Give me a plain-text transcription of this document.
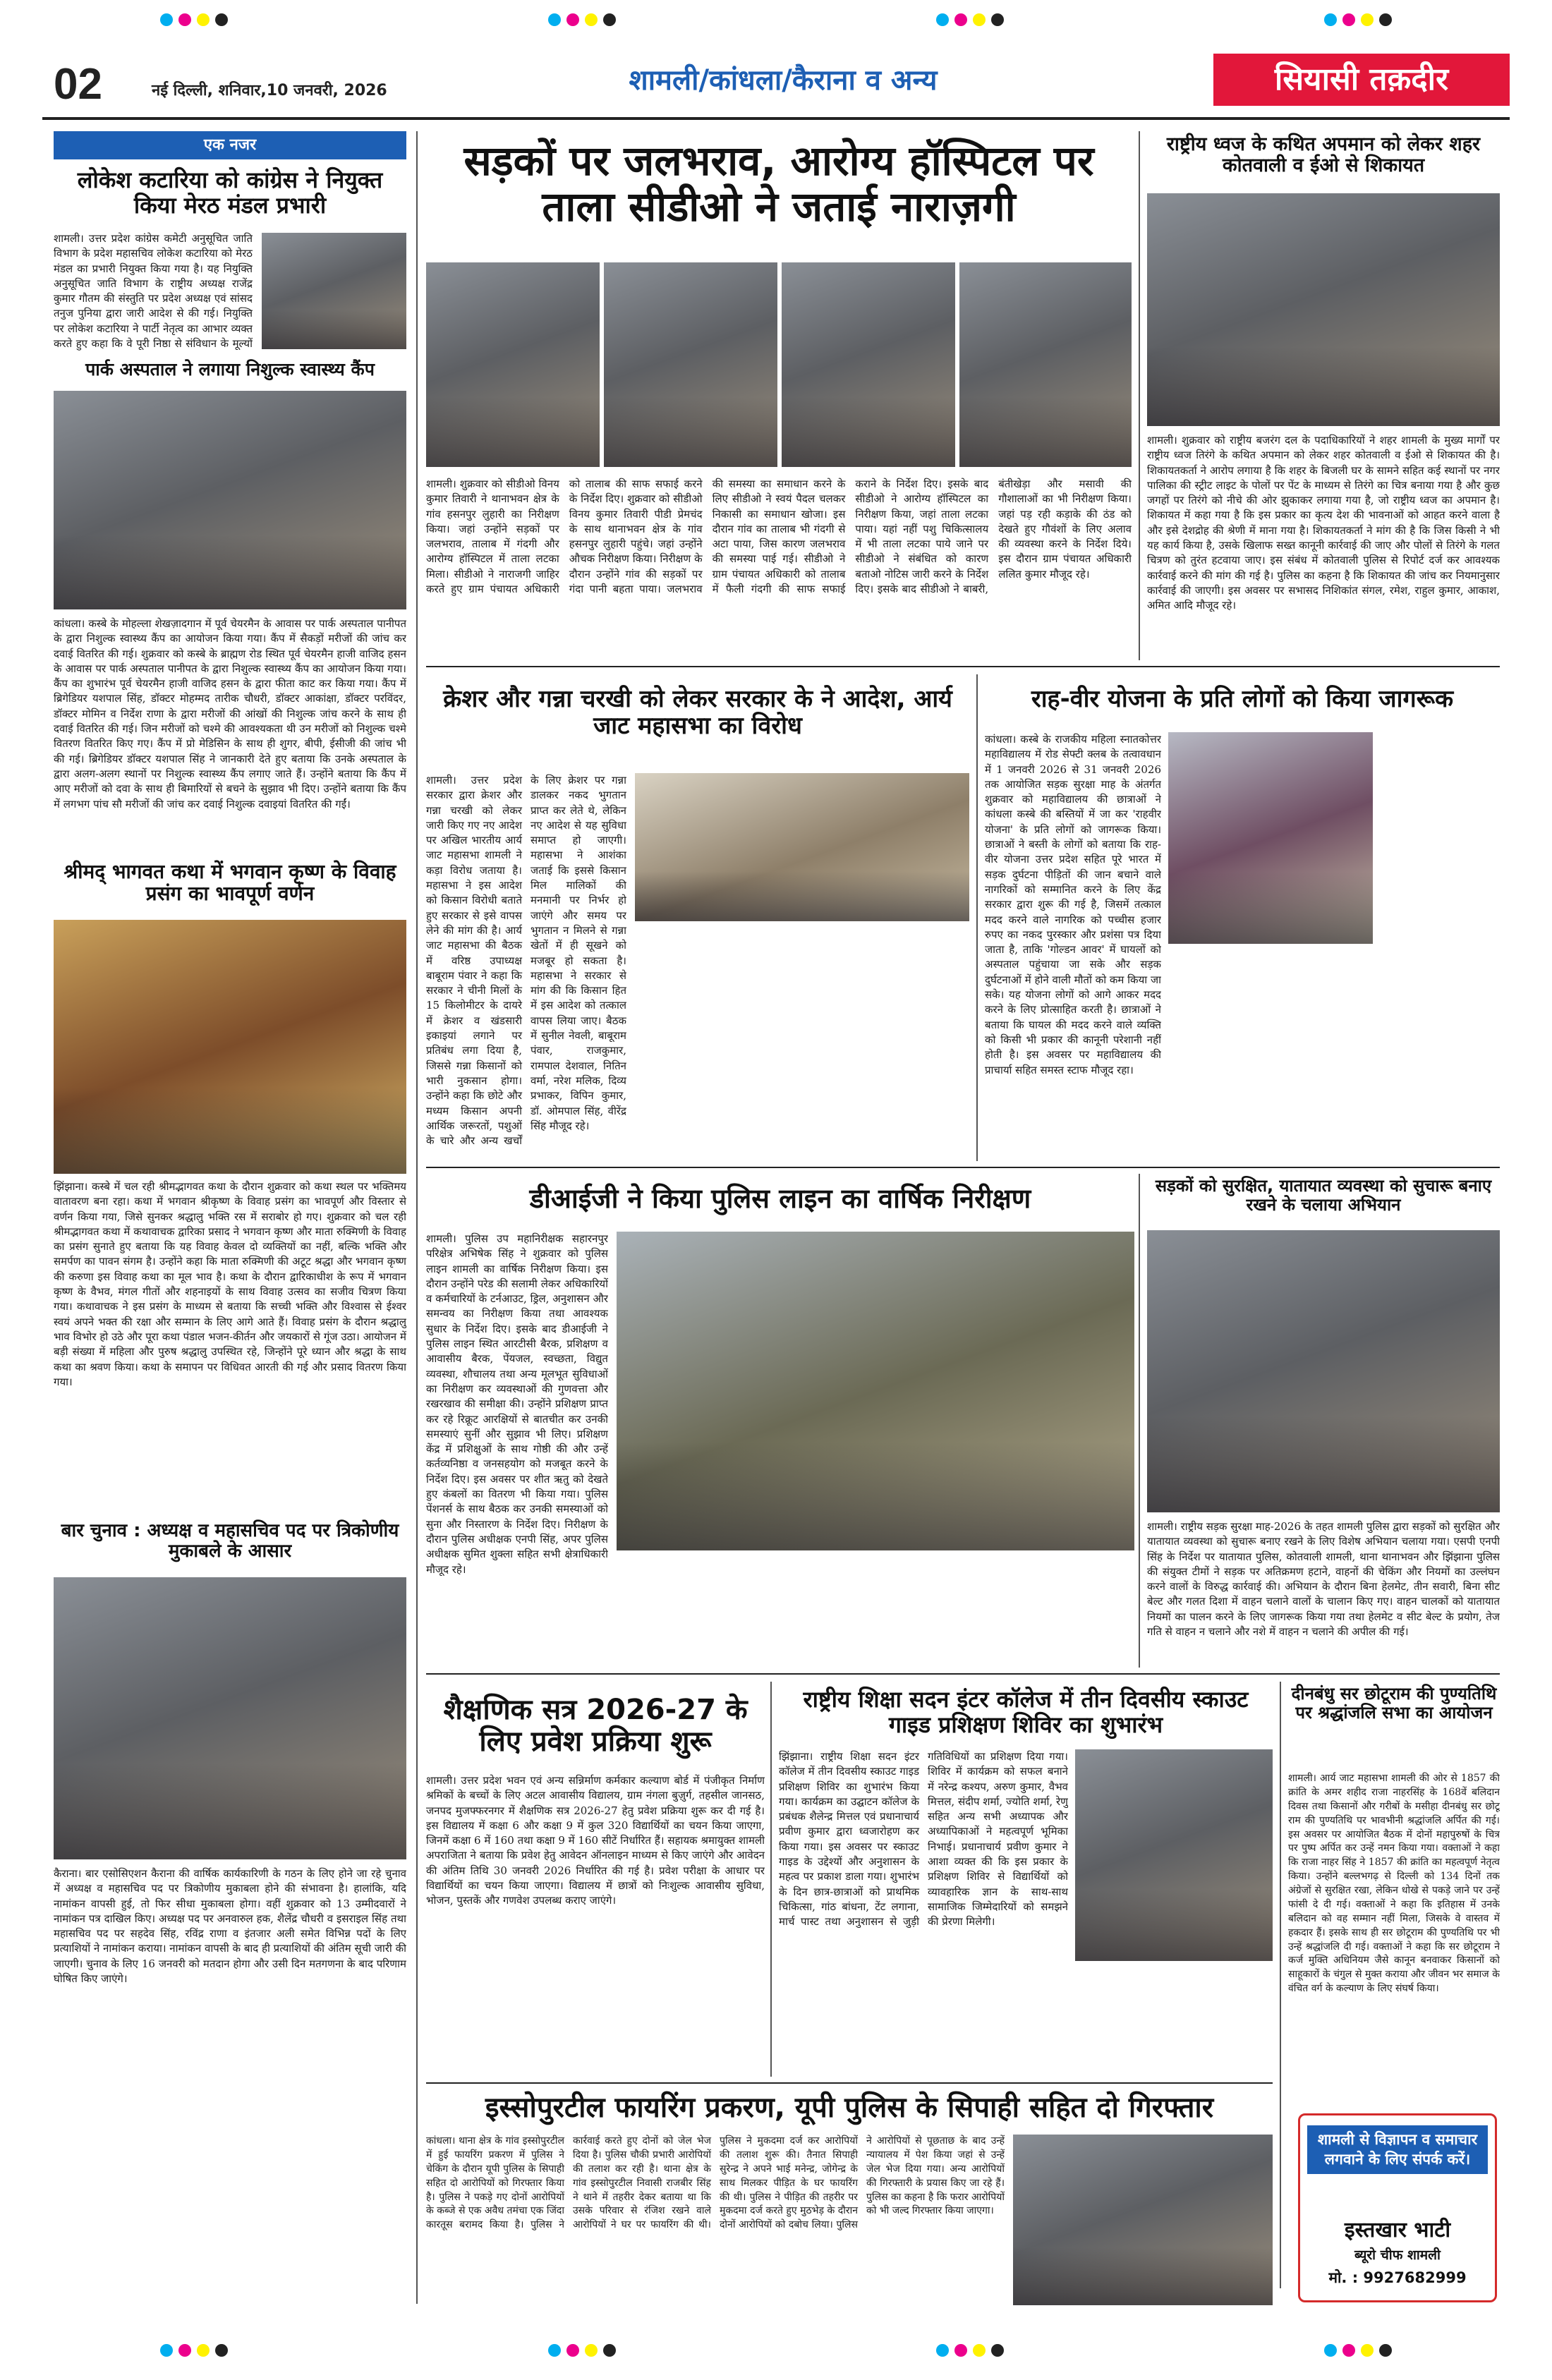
02	नई दिल्ली, शनिवार,10 जनवरी, 2026	शामली/कांधला/कैराना व अन्य	सियासी तक़दीर
एक नजर
लोकेश कटारिया को कांग्रेस ने नियुक्त किया मेरठ मंडल प्रभारी
शामली। उत्तर प्रदेश कांग्रेस कमेटी अनुसूचित जाति विभाग के प्रदेश महासचिव लोकेश कटारिया को मेरठ मंडल का प्रभारी नियुक्त किया गया है। यह नियुक्ति अनुसूचित जाति विभाग के राष्ट्रीय अध्यक्ष राजेंद्र कुमार गौतम की संस्तुति पर प्रदेश अध्यक्ष एवं सांसद तनुज पुनिया द्वारा जारी आदेश से की गई। नियुक्ति पर लोकेश कटारिया ने पार्टी नेतृत्व का आभार व्यक्त करते हुए कहा कि वे पूरी निष्ठा से संविधान के मूल्यों
पार्क अस्पताल ने लगाया निशुल्क स्वास्थ्य कैंप
कांधला। कस्बे के मोहल्ला शेखज़ादगान में पूर्व चेयरमैन के आवास पर पार्क अस्पताल पानीपत के द्वारा निशुल्क स्वास्थ्य कैंप का आयोजन किया गया। कैंप में सैकड़ों मरीजों की जांच कर दवाई वितरित की गई। शुक्रवार को कस्बे के ब्राह्मण रोड स्थित पूर्व चेयरमैन हाजी वाजिद हसन के आवास पर पार्क अस्पताल पानीपत के द्वारा निशुल्क स्वास्थ्य कैंप का आयोजन किया गया। कैंप का शुभारंभ पूर्व चेयरमैन हाजी वाजिद हसन के द्वारा फीता काट कर किया गया। कैंप में ब्रिगेडियर यशपाल सिंह, डॉक्टर मोहम्मद तारीक चौधरी, डॉक्टर आकांक्षा, डॉक्टर परविंदर, डॉक्टर मोमिन व निर्देश राणा के द्वारा मरीजों की आंखों की निशुल्क जांच करने के साथ ही दवाई वितरित की गई। जिन मरीजों को चश्मे की आवश्यकता थी उन मरीजों को निशुल्क चश्मे वितरण वितरित किए गए। कैंप में प्रो मेडिसिन के साथ ही शुगर, बीपी, ईसीजी की जांच भी की गई। ब्रिगेडियर डॉक्टर यशपाल सिंह ने जानकारी देते हुए बताया कि उनके अस्पताल के द्वारा अलग-अलग स्थानों पर निशुल्क स्वास्थ्य कैंप लगाए जाते हैं। उन्होंने बताया कि कैंप में आए मरीजों को दवा के साथ ही बिमारियों से बचने के सुझाव भी दिए। उन्होंने बताया कि कैंप में लगभग पांच सौ मरीजों की जांच कर दवाई निशुल्क दवाइयां वितरित की गईं।
श्रीमद् भागवत कथा में भगवान कृष्ण के विवाह प्रसंग का भावपूर्ण वर्णन
झिंझाना। कस्बे में चल रही श्रीमद्भागवत कथा के दौरान शुक्रवार को कथा स्थल पर भक्तिमय वातावरण बना रहा। कथा में भगवान श्रीकृष्ण के विवाह प्रसंग का भावपूर्ण और विस्तार से वर्णन किया गया, जिसे सुनकर श्रद्धालु भक्ति रस में सराबोर हो गए। शुक्रवार को चल रही श्रीमद्भागवत कथा में कथावाचक द्वारिका प्रसाद ने भगवान कृष्ण और माता रुक्मिणी के विवाह का प्रसंग सुनाते हुए बताया कि यह विवाह केवल दो व्यक्तियों का नहीं, बल्कि भक्ति और समर्पण का पावन संगम है। उन्होंने कहा कि माता रुक्मिणी की अटूट श्रद्धा और भगवान कृष्ण की करुणा इस विवाह कथा का मूल भाव है। कथा के दौरान द्वारिकाधीश के रूप में भगवान कृष्ण के वैभव, मंगल गीतों और शहनाइयों के साथ विवाह उत्सव का सजीव चित्रण किया गया। कथावाचक ने इस प्रसंग के माध्यम से बताया कि सच्ची भक्ति और विश्वास से ईश्वर स्वयं अपने भक्त की रक्षा और सम्मान के लिए आगे आते हैं। विवाह प्रसंग के दौरान श्रद्धालु भाव विभोर हो उठे और पूरा कथा पंडाल भजन-कीर्तन और जयकारों से गूंज उठा। आयोजन में बड़ी संख्या में महिला और पुरुष श्रद्धालु उपस्थित रहे, जिन्होंने पूरे ध्यान और श्रद्धा के साथ कथा का श्रवण किया। कथा के समापन पर विधिवत आरती की गई और प्रसाद वितरण किया गया।
बार चुनाव : अध्यक्ष व महासचिव पद पर त्रिकोणीय मुकाबले के आसार
कैराना। बार एसोसिएशन कैराना की वार्षिक कार्यकारिणी के गठन के लिए होने जा रहे चुनाव में अध्यक्ष व महासचिव पद पर त्रिकोणीय मुकाबला होने की संभावना है। हालांकि, यदि नामांकन वापसी हुई, तो फिर सीधा मुकाबला होगा। वहीं शुक्रवार को 13 उम्मीदवारों ने नामांकन पत्र दाखिल किए। अध्यक्ष पद पर अनवारुल हक, शैलेंद्र चौधरी व इसराइल सिंह तथा महासचिव पद पर सहदेव सिंह, रविंद्र राणा व इंतजार अली समेत विभिन्न पदों के लिए प्रत्याशियों ने नामांकन कराया। नामांकन वापसी के बाद ही प्रत्याशियों की अंतिम सूची जारी की जाएगी। चुनाव के लिए 16 जनवरी को मतदान होगा और उसी दिन मतगणना के बाद परिणाम घोषित किए जाएंगे।
सड़कों पर जलभराव, आरोग्य हॉस्पिटल पर ताला सीडीओ ने जताई नाराज़गी
शामली। शुक्रवार को सीडीओ विनय कुमार तिवारी ने थानाभवन क्षेत्र के गांव हसनपुर लुहारी का निरीक्षण किया। जहां उन्होंने सड़कों पर जलभराव, तालाब में गंदगी और आरोग्य हॉस्पिटल में ताला लटका मिला। सीडीओ ने नाराजगी जाहिर करते हुए ग्राम पंचायत अधिकारी को तालाब की साफ सफाई करने के निर्देश दिए। शुक्रवार को सीडीओ विनय कुमार तिवारी पीडी प्रेमचंद के साथ थानाभवन क्षेत्र के गांव हसनपुर लुहारी पहुंचे। जहां उन्होंने औचक निरीक्षण किया। निरीक्षण के दौरान उन्होंने गांव की सड़कों पर गंदा पानी बहता पाया। जलभराव की समस्या का समाधान करने के लिए सीडीओ ने स्वयं पैदल चलकर निकासी का समाधान खोजा। इस दौरान गांव का तालाब भी गंदगी से अटा पाया, जिस कारण जलभराव की समस्या पाई गई। सीडीओ ने ग्राम पंचायत अधिकारी को तालाब में फैली गंदगी की साफ सफाई कराने के निर्देश दिए। इसके बाद सीडीओ ने आरोग्य हॉस्पिटल का निरीक्षण किया, जहां ताला लटका पाया। यहां नहीं पशु चिकित्सालय में भी ताला लटका पाये जाने पर सीडीओ ने संबंधित को कारण बताओ नोटिस जारी करने के निर्देश दिए। इसके बाद सीडीओ ने बाबरी, बंतीखेड़ा और मसावी की गौशालाओं का भी निरीक्षण किया। जहां पड़ रही कड़ाके की ठंड को देखते हुए गौवंशों के लिए अलाव की व्यवस्था करने के निर्देश दिये। इस दौरान ग्राम पंचायत अधिकारी ललित कुमार मौजूद रहे।
राष्ट्रीय ध्वज के कथित अपमान को लेकर शहर कोतवाली व ईओ से शिकायत
शामली। शुक्रवार को राष्ट्रीय बजरंग दल के पदाधिकारियों ने शहर शामली के मुख्य मार्गों पर राष्ट्रीय ध्वज तिरंगे के कथित अपमान को लेकर शहर कोतवाली व ईओ से शिकायत की है। शिकायतकर्ता ने आरोप लगाया है कि शहर के बिजली घर के सामने सहित कई स्थानों पर नगर पालिका की स्ट्रीट लाइट के पोलों पर पेंट के माध्यम से तिरंगे का चित्र बनाया गया है और कुछ जगहों पर तिरंगे को नीचे की ओर झुकाकर लगाया गया है, जो राष्ट्रीय ध्वज का अपमान है। शिकायत में कहा गया है कि इस प्रकार का कृत्य देश की भावनाओं को आहत करने वाला है और इसे देशद्रोह की श्रेणी में माना गया है। शिकायतकर्ता ने मांग की है कि जिस किसी ने भी यह कार्य किया है, उसके खिलाफ सख्त कानूनी कार्रवाई की जाए और पोलों से तिरंगे के गलत चित्रण को तुरंत हटवाया जाए। इस संबंध में कोतवाली पुलिस से रिपोर्ट दर्ज कर आवश्यक कार्रवाई करने की मांग की गई है। पुलिस का कहना है कि शिकायत की जांच कर नियमानुसार कार्रवाई की जाएगी। इस अवसर पर सभासद निशिकांत संगल, रमेश, राहुल कुमार, आकाश, अमित आदि मौजूद रहे।
क्रेशर और गन्ना चरखी को लेकर सरकार के ने आदेश, आर्य जाट महासभा का विरोध
शामली। उत्तर प्रदेश सरकार द्वारा क्रेशर और गन्ना चरखी को लेकर जारी किए गए नए आदेश पर अखिल भारतीय आर्य जाट महासभा शामली ने कड़ा विरोध जताया है। महासभा ने इस आदेश को किसान विरोधी बताते हुए सरकार से इसे वापस लेने की मांग की है। आर्य जाट महासभा की बैठक में वरिष्ठ उपाध्यक्ष बाबूराम पंवार ने कहा कि सरकार ने चीनी मिलों के 15 किलोमीटर के दायरे में क्रेशर व खंडसारी इकाइयां लगाने पर प्रतिबंध लगा दिया है, जिससे गन्ना किसानों को भारी नुकसान होगा। उन्होंने कहा कि छोटे और मध्यम किसान अपनी आर्थिक जरूरतों, पशुओं के चारे और अन्य खर्चों के लिए क्रेशर पर गन्ना डालकर नकद भुगतान प्राप्त कर लेते थे, लेकिन नए आदेश से यह सुविधा समाप्त हो जाएगी। महासभा ने आशंका जताई कि इससे किसान मिल मालिकों की मनमानी पर निर्भर हो जाएंगे और समय पर भुगतान न मिलने से गन्ना खेतों में ही सूखने को मजबूर हो सकता है। महासभा ने सरकार से मांग की कि किसान हित में इस आदेश को तत्काल वापस लिया जाए। बैठक में सुनील नेवली, बाबूराम पंवार, राजकुमार, रामपाल देशवाल, नितिन वर्मा, नरेश मलिक, दिव्य प्रभाकर, विपिन कुमार, डॉ. ओमपाल सिंह, वीरेंद्र सिंह मौजूद रहे।
राह-वीर योजना के प्रति लोगों को किया जागरूक
कांधला। कस्बे के राजकीय महिला स्नातकोत्तर महाविद्यालय में रोड सेफ्टी क्लब के तत्वावधान में 1 जनवरी 2026 से 31 जनवरी 2026 तक आयोजित सड़क सुरक्षा माह के अंतर्गत शुक्रवार को महाविद्यालय की छात्राओं ने कांधला कस्बे की बस्तियों में जा कर 'राहवीर योजना' के प्रति लोगों को जागरूक किया। छात्राओं ने बस्ती के लोगों को बताया कि राह-वीर योजना उत्तर प्रदेश सहित पूरे भारत में सड़क दुर्घटना पीड़ितों की जान बचाने वाले नागरिकों को सम्मानित करने के लिए केंद्र सरकार द्वारा शुरू की गई है, जिसमें तत्काल मदद करने वाले नागरिक को पच्चीस हजार रुपए का नकद पुरस्कार और प्रशंसा पत्र दिया जाता है, ताकि 'गोल्डन आवर' में घायलों को अस्पताल पहुंचाया जा सके और सड़क दुर्घटनाओं में होने वाली मौतों को कम किया जा सके। यह योजना लोगों को आगे आकर मदद करने के लिए प्रोत्साहित करती है। छात्राओं ने बताया कि घायल की मदद करने वाले व्यक्ति को किसी भी प्रकार की कानूनी परेशानी नहीं होती है। इस अवसर पर महाविद्यालय की प्राचार्या सहित समस्त स्टाफ मौजूद रहा।
डीआईजी ने किया पुलिस लाइन का वार्षिक निरीक्षण
शामली। पुलिस उप महानिरीक्षक सहारनपुर परिक्षेत्र अभिषेक सिंह ने शुक्रवार को पुलिस लाइन शामली का वार्षिक निरीक्षण किया। इस दौरान उन्होंने परेड की सलामी लेकर अधिकारियों व कर्मचारियों के टर्नआउट, ड्रिल, अनुशासन और समन्वय का निरीक्षण किया तथा आवश्यक सुधार के निर्देश दिए। इसके बाद डीआईजी ने पुलिस लाइन स्थित आरटीसी बैरक, प्रशिक्षण व आवासीय बैरक, पेंयजल, स्वच्छता, विद्युत व्यवस्था, शौचालय तथा अन्य मूलभूत सुविधाओं का निरीक्षण कर व्यवस्थाओं की गुणवत्ता और रखरखाव की समीक्षा की। उन्होंने प्रशिक्षण प्राप्त कर रहे रिक्रूट आरक्षियों से बातचीत कर उनकी समस्याएं सुनीं और सुझाव भी लिए। प्रशिक्षण केंद्र में प्रशिक्षुओं के साथ गोष्ठी की और उन्हें कर्तव्यनिष्ठा व जनसहयोग को मजबूत करने के निर्देश दिए। इस अवसर पर शीत ऋतु को देखते हुए कंबलों का वितरण भी किया गया। पुलिस पेंशनर्स के साथ बैठक कर उनकी समस्याओं को सुना और निस्तारण के निर्देश दिए। निरीक्षण के दौरान पुलिस अधीक्षक एनपी सिंह, अपर पुलिस अधीक्षक सुमित शुक्ला सहित सभी क्षेत्राधिकारी मौजूद रहे।
सड़कों को सुरक्षित, यातायात व्यवस्था को सुचारू बनाए रखने के चलाया अभियान
शामली। राष्ट्रीय सड़क सुरक्षा माह-2026 के तहत शामली पुलिस द्वारा सड़कों को सुरक्षित और यातायात व्यवस्था को सुचारू बनाए रखने के लिए विशेष अभियान चलाया गया। एसपी एनपी सिंह के निर्देश पर यातायात पुलिस, कोतवाली शामली, थाना थानाभवन और झिंझाना पुलिस की संयुक्त टीमों ने सड़क पर अतिक्रमण हटाने, वाहनों की चेकिंग और नियमों का उल्लंघन करने वालों के विरुद्ध कार्रवाई की। अभियान के दौरान बिना हेलमेट, तीन सवारी, बिना सीट बेल्ट और गलत दिशा में वाहन चलाने वालों के चालान किए गए। वाहन चालकों को यातायात नियमों का पालन करने के लिए जागरूक किया गया तथा हेलमेट व सीट बेल्ट के प्रयोग, तेज गति से वाहन न चलाने और नशे में वाहन न चलाने की अपील की गई।
शैक्षणिक सत्र 2026-27 के लिए प्रवेश प्रक्रिया शुरू
शामली। उत्तर प्रदेश भवन एवं अन्य सन्निर्माण कर्मकार कल्याण बोर्ड में पंजीकृत निर्माण श्रमिकों के बच्चों के लिए अटल आवासीय विद्यालय, ग्राम नंगला बुज़ुर्ग, तहसील जानसठ, जनपद मुजफ्फरनगर में शैक्षणिक सत्र 2026-27 हेतु प्रवेश प्रक्रिया शुरू कर दी गई है। इस विद्यालय में कक्षा 6 और कक्षा 9 में कुल 320 विद्यार्थियों का चयन किया जाएगा, जिनमें कक्षा 6 में 160 तथा कक्षा 9 में 160 सीटें निर्धारित हैं। सहायक श्रमायुक्त शामली अपराजिता ने बताया कि प्रवेश हेतु आवेदन ऑनलाइन माध्यम से किए जाएंगे और आवेदन की अंतिम तिथि 30 जनवरी 2026 निर्धारित की गई है। प्रवेश परीक्षा के आधार पर विद्यार्थियों का चयन किया जाएगा। विद्यालय में छात्रों को निःशुल्क आवासीय सुविधा, भोजन, पुस्तकें और गणवेश उपलब्ध कराए जाएंगे।
राष्ट्रीय शिक्षा सदन इंटर कॉलेज में तीन दिवसीय स्काउट गाइड प्रशिक्षण शिविर का शुभारंभ
झिंझाना। राष्ट्रीय शिक्षा सदन इंटर कॉलेज में तीन दिवसीय स्काउट गाइड प्रशिक्षण शिविर का शुभारंभ किया गया। कार्यक्रम का उद्घाटन कॉलेज के प्रबंधक शैलेन्द्र मित्तल एवं प्रधानाचार्य प्रवीण कुमार द्वारा ध्वजारोहण कर किया गया। इस अवसर पर स्काउट गाइड के उद्देश्यों और अनुशासन के महत्व पर प्रकाश डाला गया। शुभारंभ के दिन छात्र-छात्राओं को प्राथमिक चिकित्सा, गांठ बांधना, टेंट लगाना, मार्च पास्ट तथा अनुशासन से जुड़ी गतिविधियों का प्रशिक्षण दिया गया। शिविर में कार्यक्रम को सफल बनाने में नरेन्द्र कश्यप, अरुण कुमार, वैभव मित्तल, संदीप शर्मा, ज्योति शर्मा, रेणु सहित अन्य सभी अध्यापक और अध्यापिकाओं ने महत्वपूर्ण भूमिका निभाई। प्रधानाचार्य प्रवीण कुमार ने आशा व्यक्त की कि इस प्रकार के प्रशिक्षण शिविर से विद्यार्थियों को व्यावहारिक ज्ञान के साथ-साथ सामाजिक जिम्मेदारियों को समझने की प्रेरणा मिलेगी।
दीनबंधु सर छोटूराम की पुण्यतिथि पर श्रद्धांजलि सभा का आयोजन
शामली। आर्य जाट महासभा शामली की ओर से 1857 की क्रांति के अमर शहीद राजा नाहरसिंह के 168वें बलिदान दिवस तथा किसानों और गरीबों के मसीहा दीनबंधु सर छोटू राम की पुण्यतिथि पर भावभीनी श्रद्धांजलि अर्पित की गई। इस अवसर पर आयोजित बैठक में दोनों महापुरुषों के चित्र पर पुष्प अर्पित कर उन्हें नमन किया गया। वक्ताओं ने कहा कि राजा नाहर सिंह ने 1857 की क्रांति का महत्वपूर्ण नेतृत्व किया। उन्होंने बल्लभगढ़ से दिल्ली को 134 दिनों तक अंग्रेजों से सुरक्षित रखा, लेकिन धोखे से पकड़े जाने पर उन्हें फांसी दे दी गई। वक्ताओं ने कहा कि इतिहास में उनके बलिदान को वह सम्मान नहीं मिला, जिसके वे वास्तव में हकदार हैं। इसके साथ ही सर छोटूराम की पुण्यतिथि पर भी उन्हें श्रद्धांजलि दी गई। वक्ताओं ने कहा कि सर छोटूराम ने कर्ज मुक्ति अधिनियम जैसे कानून बनवाकर किसानों को साहूकारों के चंगुल से मुक्त कराया और जीवन भर समाज के वंचित वर्ग के कल्याण के लिए संघर्ष किया।
इस्सोपुरटील फायरिंग प्रकरण, यूपी पुलिस के सिपाही सहित दो गिरफ्तार
कांधला। थाना क्षेत्र के गांव इस्सोपुरटील में हुई फायरिंग प्रकरण में पुलिस ने चेकिंग के दौरान यूपी पुलिस के सिपाही सहित दो आरोपियों को गिरफ्तार किया है। पुलिस ने पकड़े गए दोनों आरोपियों के कब्जे से एक अवैध तमंचा एक जिंदा कारतूस बरामद किया है। पुलिस ने कार्रवाई करते हुए दोनों को जेल भेज दिया है। पुलिस चौकी प्रभारी आरोपियों की तलाश कर रही है। थाना क्षेत्र के गांव इस्सोपुरटील निवासी राजबीर सिंह ने थाने में तहरीर देकर बताया था कि उसके परिवार से रंजिश रखने वाले आरोपियों ने घर पर फायरिंग की थी। पुलिस ने मुकदमा दर्ज कर आरोपियों की तलाश शुरू की। तैनात सिपाही सुरेन्द्र ने अपने भाई मनेन्द्र, जोगेन्द्र के साथ मिलकर पीड़ित के घर फायरिंग की थी। पुलिस ने पीड़ित की तहरीर पर मुकदमा दर्ज करते हुए मुठभेड़ के दौरान दोनों आरोपियों को दबोच लिया। पुलिस ने आरोपियों से पूछताछ के बाद उन्हें न्यायालय में पेश किया जहां से उन्हें जेल भेज दिया गया। अन्य आरोपियों की गिरफ्तारी के प्रयास किए जा रहे हैं। पुलिस का कहना है कि फरार आरोपियों को भी जल्द गिरफ्तार किया जाएगा।
शामली से विज्ञापन व समाचार लगवाने के लिए संपर्क करें।
इस्तखार भाटी
ब्यूरो चीफ शामली
मो. : 9927682999
